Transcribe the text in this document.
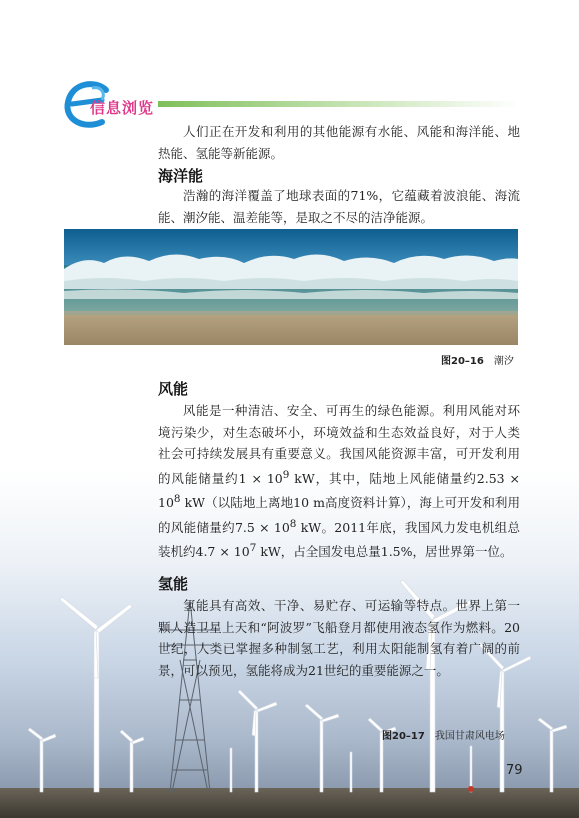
信息浏览

人们正在开发和利用的其他能源有水能、风能和海洋能、地热能、氢能等新能源。

海洋能

浩瀚的海洋覆盖了地球表面的71%，它蕴藏着波浪能、海流能、潮汐能、温差能等，是取之不尽的洁净能源。

图20–16 潮汐
风能

风能是一种清洁、安全、可再生的绿色能源。利用风能对环境污染少，对生态破坏小，环境效益和生态效益良好，对于人类社会可持续发展具有重要意义。我国风能资源丰富，可开发利用的风能储量约$1 \times 10^9$ kW，其中，陆地上风能储量约$2.53 \times 10^8$ kW（以陆地上离地10 m高度资料计算），海上可开发和利用的风能储量约$7.5 \times 10^8$ kW。2011年底，我国风力发电机组总装机约$4.7 \times 10^7$ kW，占全国发电总量1.5%，居世界第一位。

氢能

氢能具有高效、干净、易贮存、可运输等特点。世界上第一颗人造卫星上天和“阿波罗”飞船登月都使用液态氢作为燃料。20世纪，人类已掌握多种制氢工艺，利用太阳能制氢有着广阔的前景，可以预见，氢能将成为21世纪的重要能源之一。

图20–17 我国甘肃风电场
79
